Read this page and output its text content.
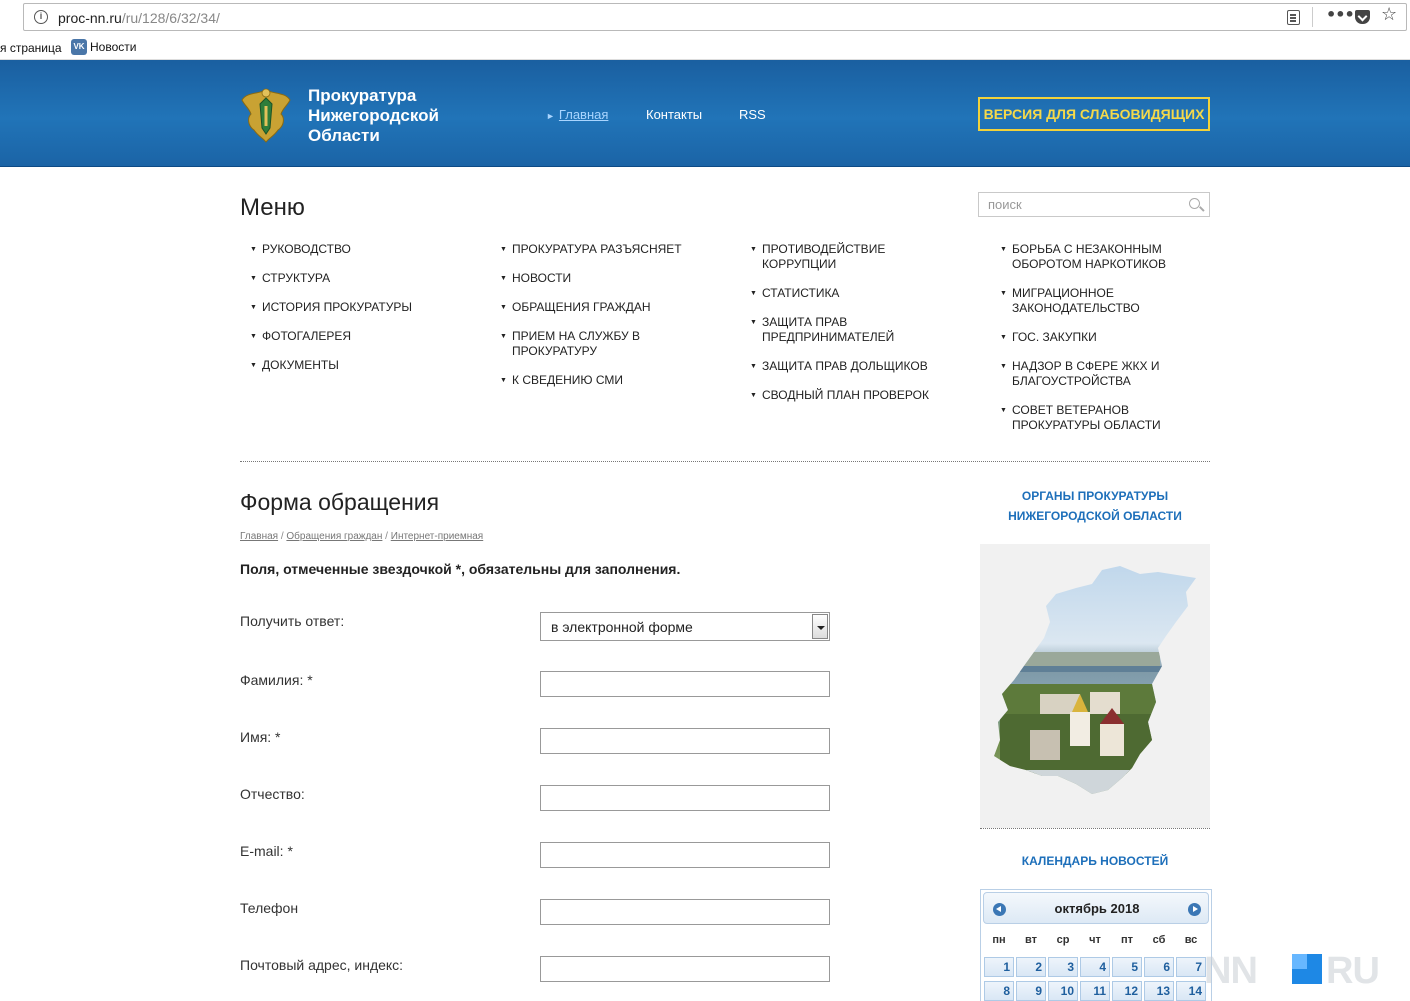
i	proc-nn.ru/ru/128/6/32/34/	••• ☆
я страница	VK Новости
Прокуратура Нижегородской Области
► Главная	Контакты	RSS	ВЕРСИЯ ДЛЯ СЛАБОВИДЯЩИХ
Меню
поиск
▼ РУКОВОДСТВО
▼ СТРУКТУРА
▼ ИСТОРИЯ ПРОКУРАТУРЫ
▼ ФОТОГАЛЕРЕЯ
▼ ДОКУМЕНТЫ
▼ ПРОКУРАТУРА РАЗЪЯСНЯЕТ
▼ НОВОСТИ
▼ ОБРАЩЕНИЯ ГРАЖДАН
▼ ПРИЕМ НА СЛУЖБУ В ПРОКУРАТУРУ
▼ К СВЕДЕНИЮ СМИ
▼ ПРОТИВОДЕЙСТВИЕ КОРРУПЦИИ
▼ СТАТИСТИКА
▼ ЗАЩИТА ПРАВ ПРЕДПРИНИМАТЕЛЕЙ
▼ ЗАЩИТА ПРАВ ДОЛЬЩИКОВ
▼ СВОДНЫЙ ПЛАН ПРОВЕРОК
▼ БОРЬБА С НЕЗАКОННЫМ ОБОРОТОМ НАРКОТИКОВ
▼ МИГРАЦИОННОЕ ЗАКОНОДАТЕЛЬСТВО
▼ ГОС. ЗАКУПКИ
▼ НАДЗОР В СФЕРЕ ЖКХ И БЛАГОУСТРОЙСТВА
▼ СОВЕТ ВЕТЕРАНОВ ПРОКУРАТУРЫ ОБЛАСТИ
Форма обращения
Главная / Обращения граждан / Интернет-приемная
Поля, отмеченные звездочкой *, обязательны для заполнения.
Получить ответ:	в электронной форме
Фамилия: *
Имя: *
Отчество:
E-mail: *
Телефон
Почтовый адрес, индекс:
ОРГАНЫ ПРОКУРАТУРЫ
НИЖЕГОРОДСКОЙ ОБЛАСТИ
КАЛЕНДАРЬ НОВОСТЕЙ
октябрь 2018
пн	вт	ср	чт	пт	сб	вс
1	2	3	4	5	6	7
8	9	10	11	12	13	14 NN RU
